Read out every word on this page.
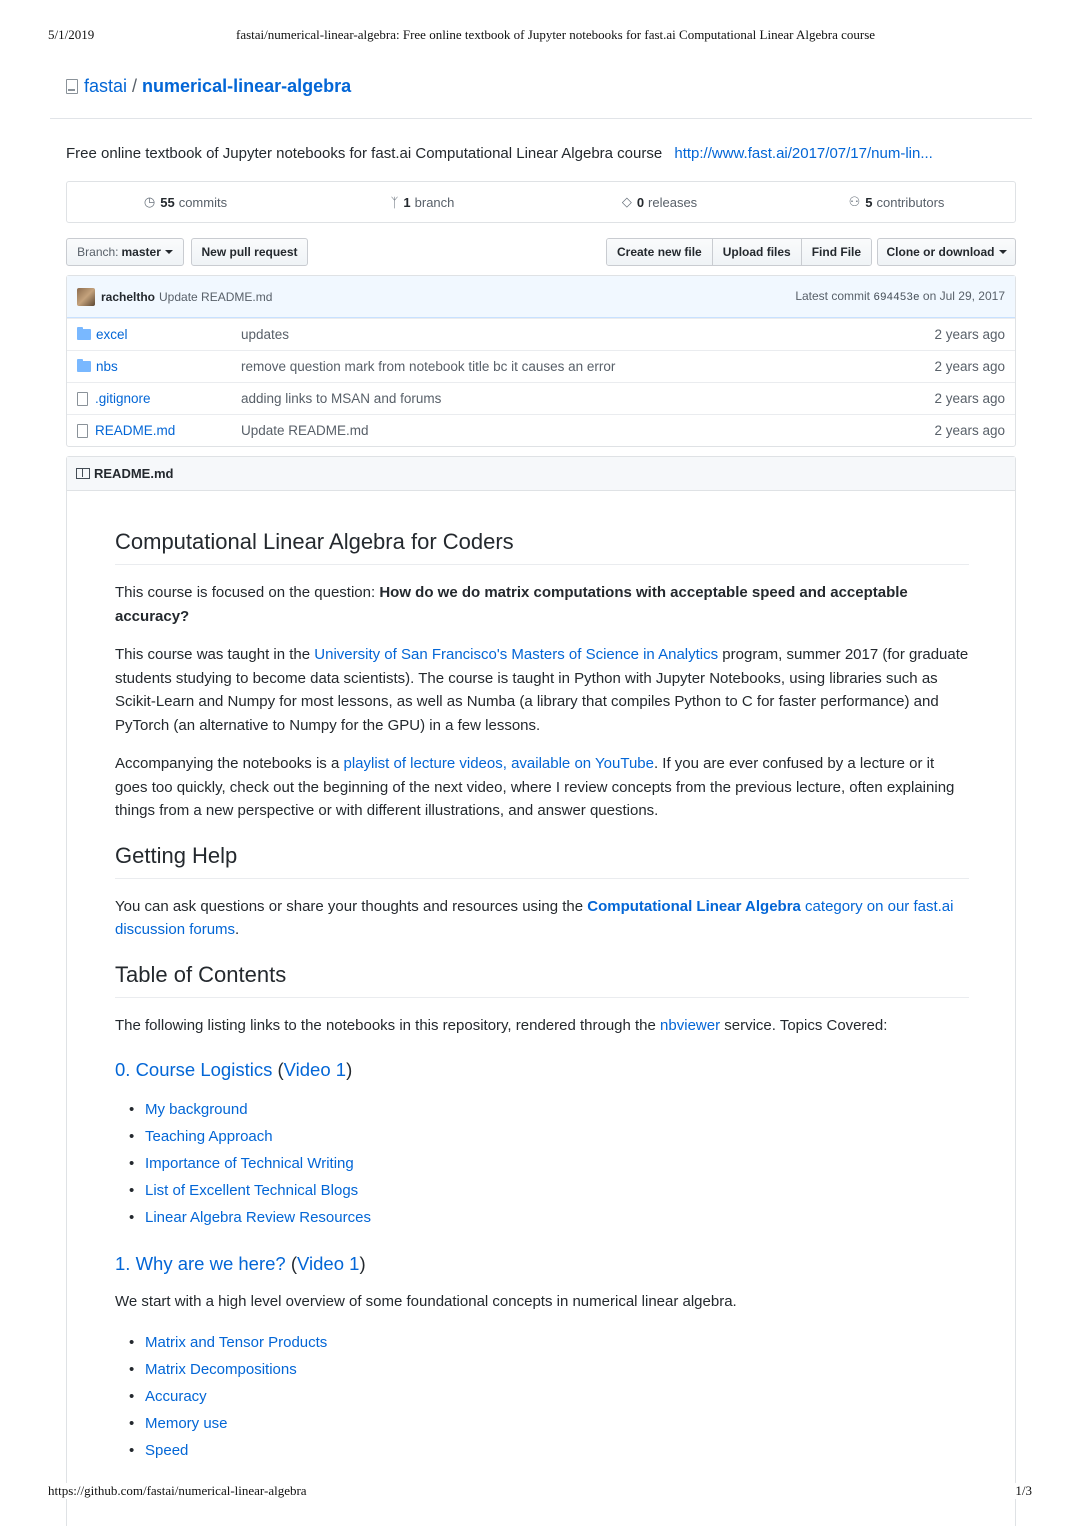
5/1/2019	fastai/numerical-linear-algebra: Free online textbook of Jupyter notebooks for fast.ai Computational Linear Algebra course
fastai / numerical-linear-algebra
Free online textbook of Jupyter notebooks for fast.ai Computational Linear Algebra course http://www.fast.ai/2017/07/17/num-lin...
◷ 55 commits	ᛉ 1 branch	◇ 0 releases	⚇ 5 contributors
Branch: master	New pull request	Create new file	Upload files	Find File	Clone or download
racheltho Update README.md	Latest commit 694453e on Jul 29, 2017
excel	updates	2 years ago
nbs	remove question mark from notebook title bc it causes an error	2 years ago
.gitignore	adding links to MSAN and forums	2 years ago
README.md	Update README.md	2 years ago
README.md
Computational Linear Algebra for Coders

This course is focused on the question: How do we do matrix computations with acceptable speed and acceptable accuracy?

This course was taught in the University of San Francisco's Masters of Science in Analytics program, summer 2017 (for graduate students studying to become data scientists). The course is taught in Python with Jupyter Notebooks, using libraries such as Scikit-Learn and Numpy for most lessons, as well as Numba (a library that compiles Python to C for faster performance) and PyTorch (an alternative to Numpy for the GPU) in a few lessons.

Accompanying the notebooks is a playlist of lecture videos, available on YouTube. If you are ever confused by a lecture or it goes too quickly, check out the beginning of the next video, where I review concepts from the previous lecture, often explaining things from a new perspective or with different illustrations, and answer questions.

Getting Help

You can ask questions or share your thoughts and resources using the Computational Linear Algebra category on our fast.ai discussion forums.

Table of Contents

The following listing links to the notebooks in this repository, rendered through the nbviewer service. Topics Covered:

0. Course Logistics (Video 1)
• My background
• Teaching Approach
• Importance of Technical Writing
• List of Excellent Technical Blogs
• Linear Algebra Review Resources
1. Why are we here? (Video 1)

We start with a high level overview of some foundational concepts in numerical linear algebra.

• Matrix and Tensor Products
• Matrix Decompositions
• Accuracy
• Memory use
• Speed
https://github.com/fastai/numerical-linear-algebra	1/3
